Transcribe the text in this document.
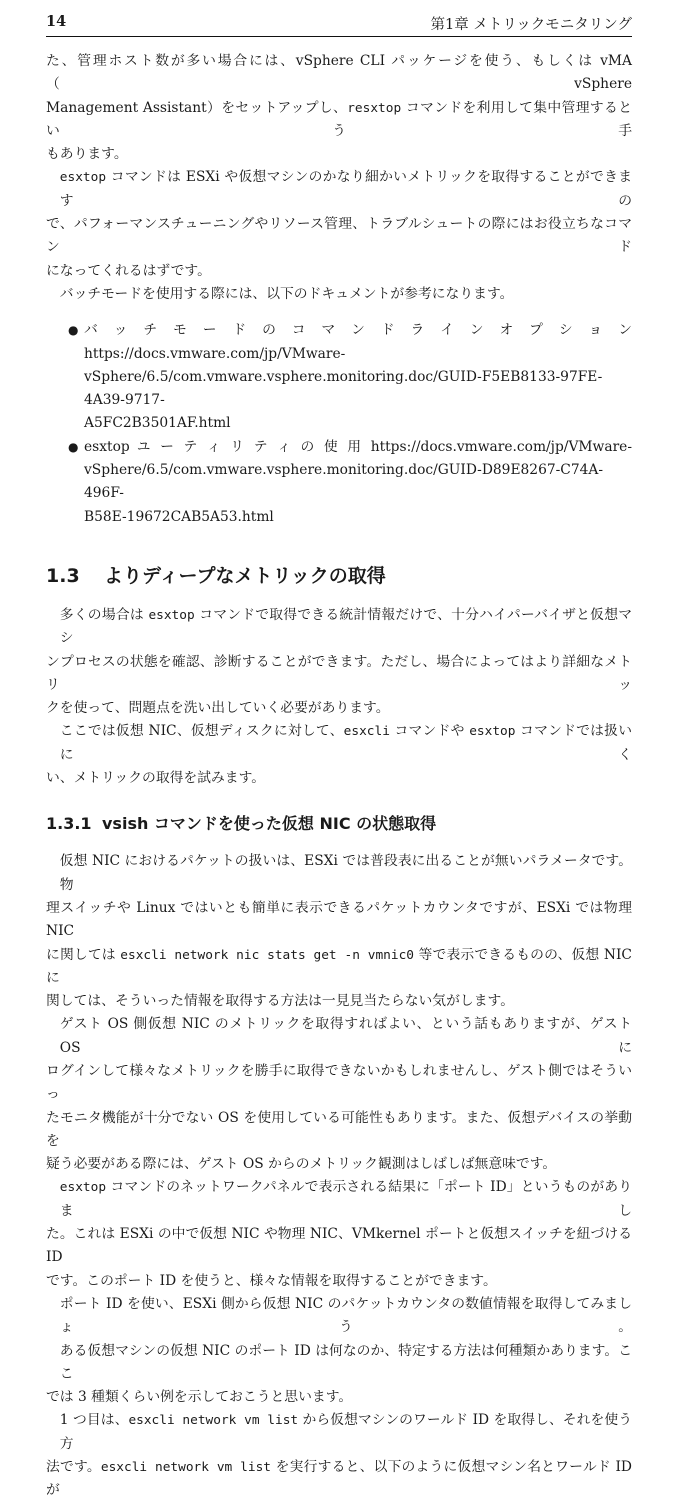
14	第1章 メトリックモニタリング
た、管理ホスト数が多い場合には、vSphere CLI パッケージを使う、もしくは vMA（vSphere
Management Assistant）をセットアップし、resxtop コマンドを利用して集中管理するという手
もあります。
esxtop コマンドは ESXi や仮想マシンのかなり細かいメトリックを取得することができますの
で、パフォーマンスチューニングやリソース管理、トラブルシュートの際にはお役立ちなコマンド
になってくれるはずです。
バッチモードを使用する際には、以下のドキュメントが参考になります。
● バ ッ チ モ ー ド の コ マ ン ド ラ イ ン オ プ シ ョ ン https://docs.vmware.com/jp/VMware-
vSphere/6.5/com.vmware.vsphere.monitoring.doc/GUID-F5EB8133-97FE-4A39-9717-
A5FC2B3501AF.html
● esxtop ユ ー テ ィ リ テ ィ の 使 用 https://docs.vmware.com/jp/VMware-
vSphere/6.5/com.vmware.vsphere.monitoring.doc/GUID-D89E8267-C74A-496F-
B58E-19672CAB5A53.html
1.3 よりディープなメトリックの取得
多くの場合は esxtop コマンドで取得できる統計情報だけで、十分ハイパーバイザと仮想マシ
ンプロセスの状態を確認、診断することができます。ただし、場合によってはより詳細なメトリッ
クを使って、問題点を洗い出していく必要があります。
ここでは仮想 NIC、仮想ディスクに対して、esxcli コマンドや esxtop コマンドでは扱いにく
い、メトリックの取得を試みます。
1.3.1 vsish コマンドを使った仮想 NIC の状態取得
仮想 NIC におけるパケットの扱いは、ESXi では普段表に出ることが無いパラメータです。物
理スイッチや Linux ではいとも簡単に表示できるパケットカウンタですが、ESXi では物理 NIC
に関しては esxcli network nic stats get -n vmnic0 等で表示できるものの、仮想 NIC に
関しては、そういった情報を取得する方法は一見見当たらない気がします。
ゲスト OS 側仮想 NIC のメトリックを取得すればよい、という話もありますが、ゲスト OS に
ログインして様々なメトリックを勝手に取得できないかもしれませんし、ゲスト側ではそういっ
たモニタ機能が十分でない OS を使用している可能性もあります。また、仮想デバイスの挙動を
疑う必要がある際には、ゲスト OS からのメトリック観測はしばしば無意味です。
esxtop コマンドのネットワークパネルで表示される結果に「ポート ID」というものがありまし
た。これは ESXi の中で仮想 NIC や物理 NIC、VMkernel ポートと仮想スイッチを紐づける ID
です。このポート ID を使うと、様々な情報を取得することができます。
ポート ID を使い、ESXi 側から仮想 NIC のパケットカウンタの数値情報を取得してみましょう。
ある仮想マシンの仮想 NIC のポート ID は何なのか、特定する方法は何種類かあります。ここ
では 3 種類くらい例を示しておこうと思います。
1 つ目は、esxcli network vm list から仮想マシンのワールド ID を取得し、それを使う方
法です。esxcli network vm list を実行すると、以下のように仮想マシン名とワールド ID が
